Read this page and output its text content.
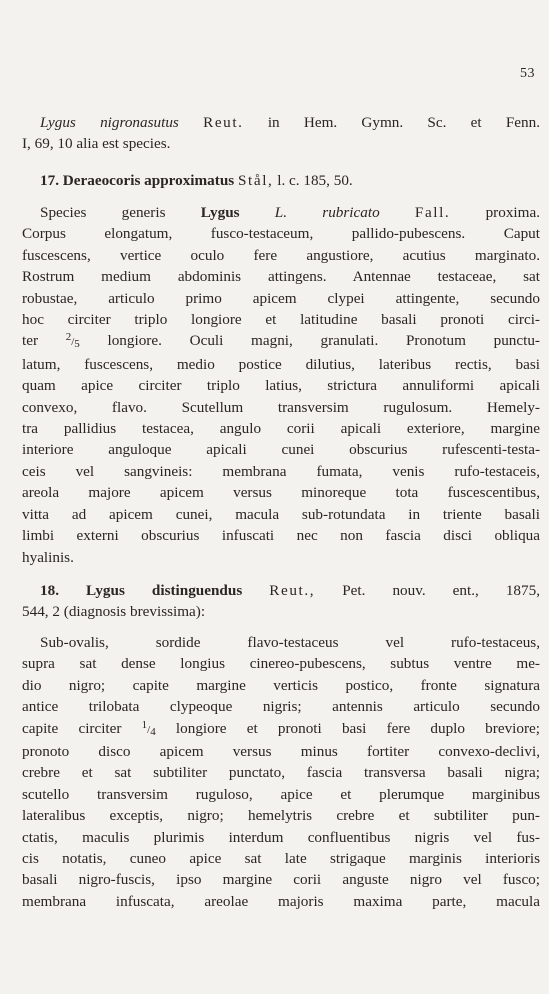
53
Lygus nigronasutus Reut. in Hem. Gymn. Sc. et Fenn.
I, 69, 10 alia est species.
17. Deraeocoris approximatus Stål, l. c. 185, 50.
Species generis Lygus L. rubricato Fall. proxima.
Corpus elongatum, fusco-testaceum, pallido-pubescens. Caput
fuscescens, vertice oculo fere angustiore, acutius marginato.
Rostrum medium abdominis attingens. Antennae testaceae, sat
robustae, articulo primo apicem clypei attingente, secundo
hoc circiter triplo longiore et latitudine basali pronoti circi-
ter 2/5 longiore. Oculi magni, granulati. Pronotum punctu-
latum, fuscescens, medio postice dilutius, lateribus rectis, basi
quam apice circiter triplo latius, strictura annuliformi apicali
convexo, flavo. Scutellum transversim rugulosum. Hemely-
tra pallidius testacea, angulo corii apicali exteriore, margine
interiore anguloque apicali cunei obscurius rufescenti-testa-
ceis vel sangvineis: membrana fumata, venis rufo-testaceis,
areola majore apicem versus minoreque tota fuscescentibus,
vitta ad apicem cunei, macula sub-rotundata in triente basali
limbi externi obscurius infuscati nec non fascia disci obliqua
hyalinis.
18. Lygus distinguendus Reut., Pet. nouv. ent., 1875,
544, 2 (diagnosis brevissima):
Sub-ovalis, sordide flavo-testaceus vel rufo-testaceus,
supra sat dense longius cinereo-pubescens, subtus ventre me-
dio nigro; capite margine verticis postico, fronte signatura
antice trilobata clypeoque nigris; antennis articulo secundo
capite circiter 1/4 longiore et pronoti basi fere duplo breviore;
pronoto disco apicem versus minus fortiter convexo-declivi,
crebre et sat subtiliter punctato, fascia transversa basali nigra;
scutello transversim ruguloso, apice et plerumque marginibus
lateralibus exceptis, nigro; hemelytris crebre et subtiliter pun-
ctatis, maculis plurimis interdum confluentibus nigris vel fus-
cis notatis, cuneo apice sat late strigaque marginis interioris
basali nigro-fuscis, ipso margine corii anguste nigro vel fusco;
membrana infuscata, areolae majoris maxima parte, macula
